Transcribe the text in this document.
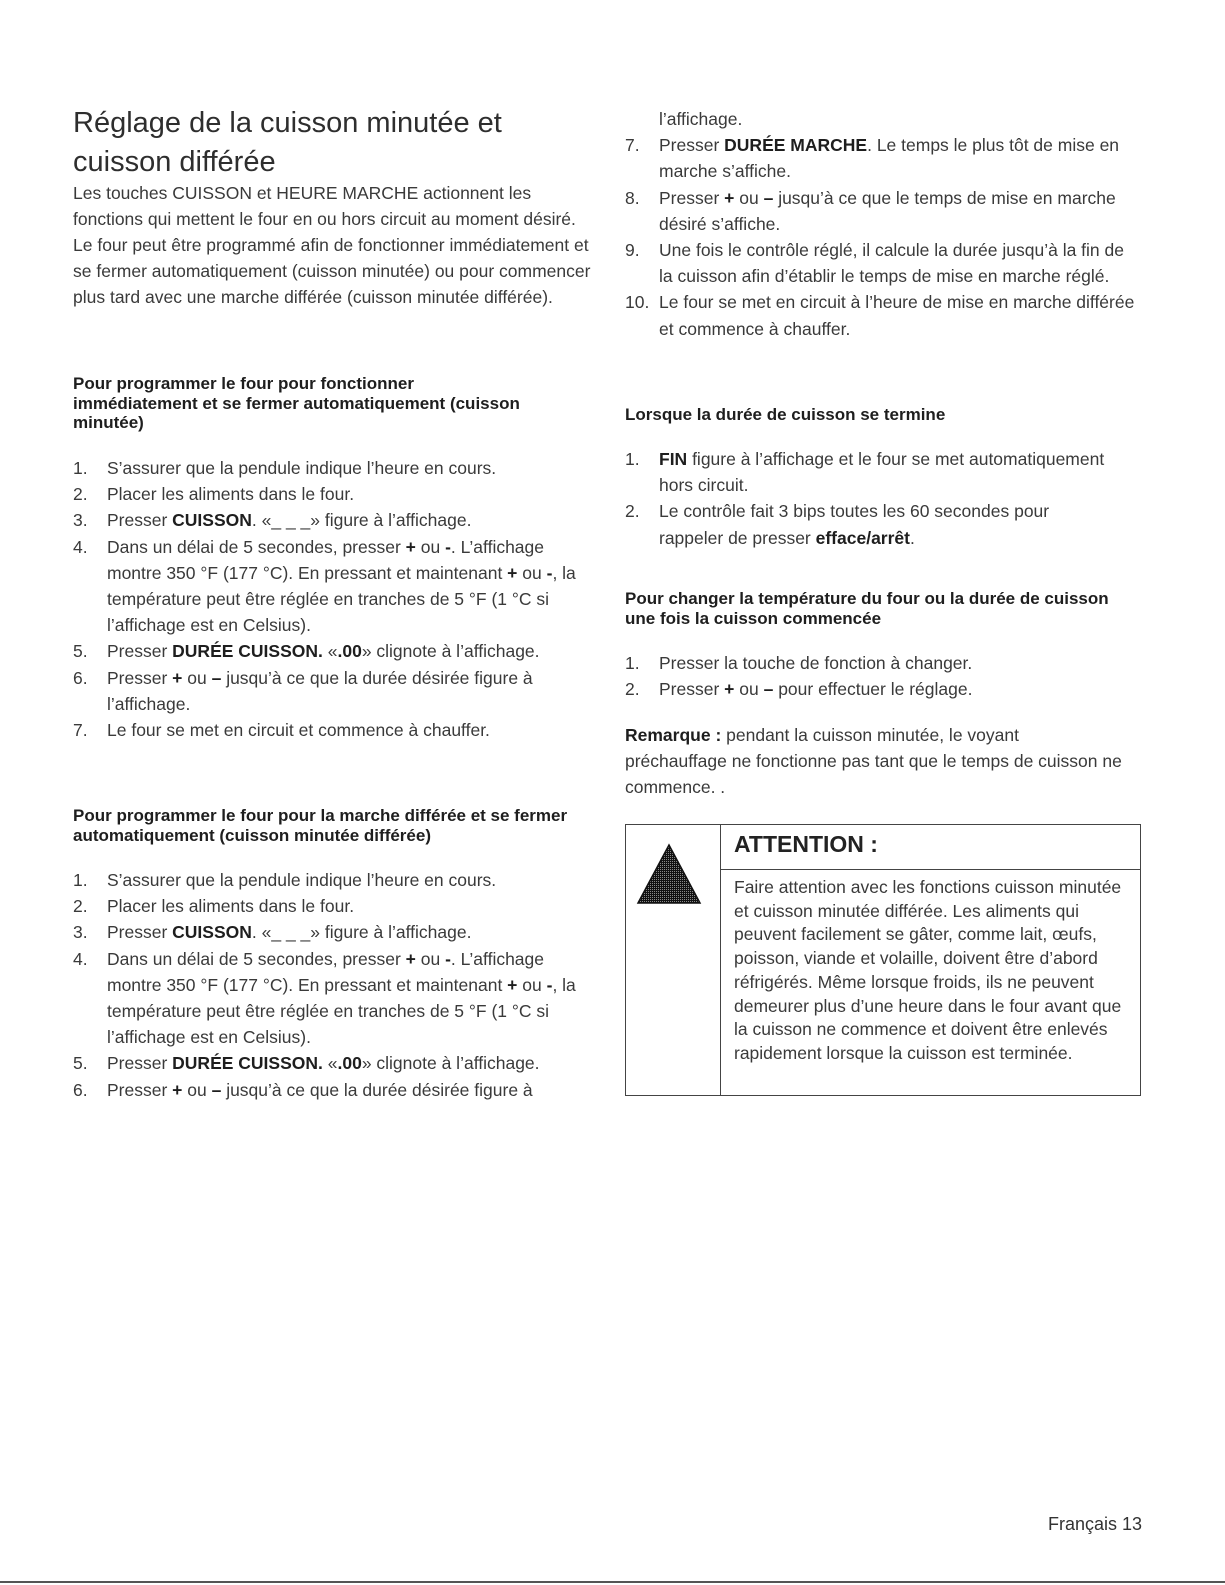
Réglage de la cuisson minutée et cuisson différée

Les touches CUISSON et HEURE MARCHE actionnent les fonctions qui mettent le four en ou hors circuit au moment désiré. Le four peut être programmé afin de fonctionner immédiatement et se fermer automatiquement (cuisson minutée) ou pour commencer plus tard avec une marche différée (cuisson minutée différée).

Pour programmer le four pour fonctionner immédiatement et se fermer automatiquement (cuisson minutée)
1. S’assurer que la pendule indique l’heure en cours.
2. Placer les aliments dans le four.
3. Presser CUISSON. «_ _ _» figure à l’affichage.
4. Dans un délai de 5 secondes, presser + ou -. L’affichage montre 350 °F (177 °C). En pressant et maintenant + ou -, la température peut être réglée en tranches de 5 °F (1 °C si l’affichage est en Celsius).
5. Presser DURÉE CUISSON. «.00» clignote à l’affichage.
6. Presser + ou – jusqu’à ce que la durée désirée figure à l’affichage.
7. Le four se met en circuit et commence à chauffer.
Pour programmer le four pour la marche différée et se fermer automatiquement (cuisson minutée différée)
1. S’assurer que la pendule indique l’heure en cours.
2. Placer les aliments dans le four.
3. Presser CUISSON. «_ _ _» figure à l’affichage.
4. Dans un délai de 5 secondes, presser + ou -. L’affichage montre 350 °F (177 °C). En pressant et maintenant + ou -, la température peut être réglée en tranches de 5 °F (1 °C si l’affichage est en Celsius).
5. Presser DURÉE CUISSON. «.00» clignote à l’affichage.
6. Presser + ou – jusqu’à ce que la durée désirée figure à
l’affichage.
7. Presser DURÉE MARCHE. Le temps le plus tôt de mise en marche s’affiche.
8. Presser + ou – jusqu’à ce que le temps de mise en marche désiré s’affiche.
9. Une fois le contrôle réglé, il calcule la durée jusqu’à la fin de la cuisson afin d’établir le temps de mise en marche réglé.
10. Le four se met en circuit à l’heure de mise en marche différée et commence à chauffer.
Lorsque la durée de cuisson se termine
1. FIN figure à l’affichage et le four se met automatiquement hors circuit.
2. Le contrôle fait 3 bips toutes les 60 secondes pour rappeler de presser efface/arrêt.
Pour changer la température du four ou la durée de cuisson une fois la cuisson commencée
1. Presser la touche de fonction à changer.
2. Presser + ou – pour effectuer le réglage.

Remarque : pendant la cuisson minutée, le voyant préchauffage ne fonctionne pas tant que le temps de cuisson ne commence. .

ATTENTION :

Faire attention avec les fonctions cuisson minutée et cuisson minutée différée. Les aliments qui peuvent facilement se gâter, comme lait, œufs, poisson, viande et volaille, doivent être d’abord réfrigérés. Même lorsque froids, ils ne peuvent demeurer plus d’une heure dans le four avant que la cuisson ne commence et doivent être enlevés rapidement lorsque la cuisson est terminée.

Français 13
